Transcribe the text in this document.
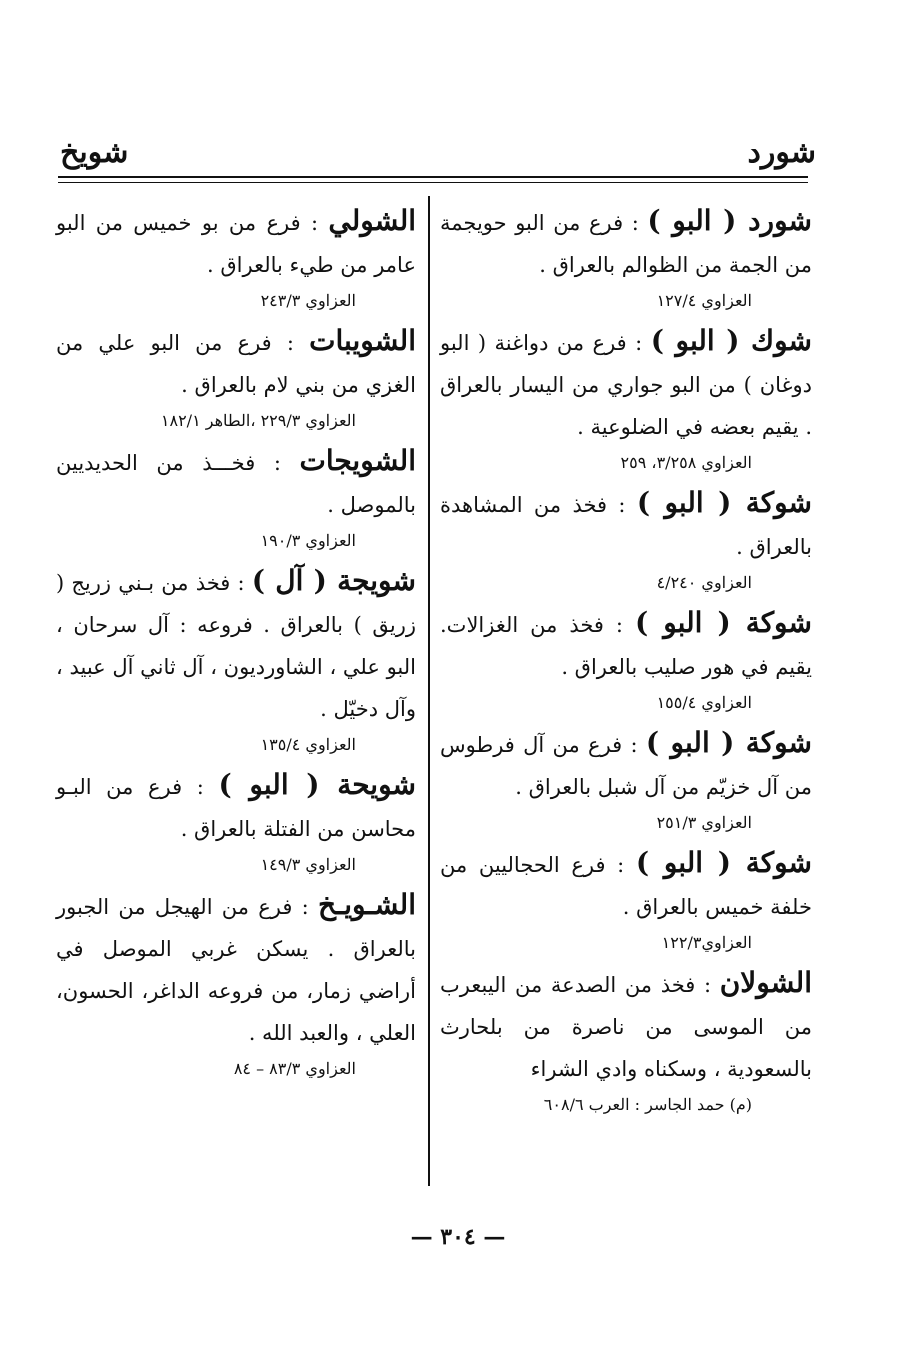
شورد
شويخ

شورد ( البو ) : فرع من البو حويجمة من الجمة من الظوالم بالعراق .

العزاوي ١٢٧/٤

شوك ( البو ) : فرع من دواغنة ( البو دوغان ) من البو جواري من اليسار بالعراق . يقيم بعضه في الضلوعية .

العزاوي ٣/٢٥٨، ٢٥٩

شوكة ( البو ) : فخذ من المشاهدة بالعراق .

العزاوي ٤/٢٤٠

شوكة ( البو ) : فخذ من الغزالات. يقيم في هور صليب بالعراق .

العزاوي ١٥٥/٤

شوكة ( البو ) : فرع من آل فرطوس من آل خزيّم من آل شبل بالعراق .

العزاوي ٢٥١/٣

شوكة ( البو ) : فرع الحجاليين من خلفة خميس بالعراق .

العزاوي١٢٢/٣

الشولان : فخذ من الصدعة من اليبعرب من الموسى من ناصرة من بلحارث بالسعودية ، وسكناه وادي الشراء

(م) حمد الجاسر : العرب ٦٠٨/٦

الشولي : فرع من بو خميس من البو عامر من طيء بالعراق .

العزاوي ٢٤٣/٣

الشويبات : فرع من البو علي من الغزي من بني لام بالعراق .

العزاوي ٢٢٩/٣ ،الطاهر ١٨٢/١

الشويجات : فخـــذ من الحديديين بالموصل .

العزاوي ١٩٠/٣

شويجة ( آل ) : فخذ من بـني زريج ( زريق ) بالعراق . فروعه : آل سرحان ، البو علي ، الشاوردیون ، آل ثاني آل عبيد ، وآل دخيّل .

العزاوي ١٣٥/٤

شويحة ( البو ) : فرع من البـو محاسن من الفتلة بالعراق .

العزاوي ١٤٩/٣

الشـويـخ : فرع من الهيجل من الجبور بالعراق . يسكن غربي الموصل في أراضي زمار، من فروعه الداغر، الحسون، العلي ، والعبد الله .

العزاوي ٨٣/٣ – ٨٤
— ٣٠٤ —
